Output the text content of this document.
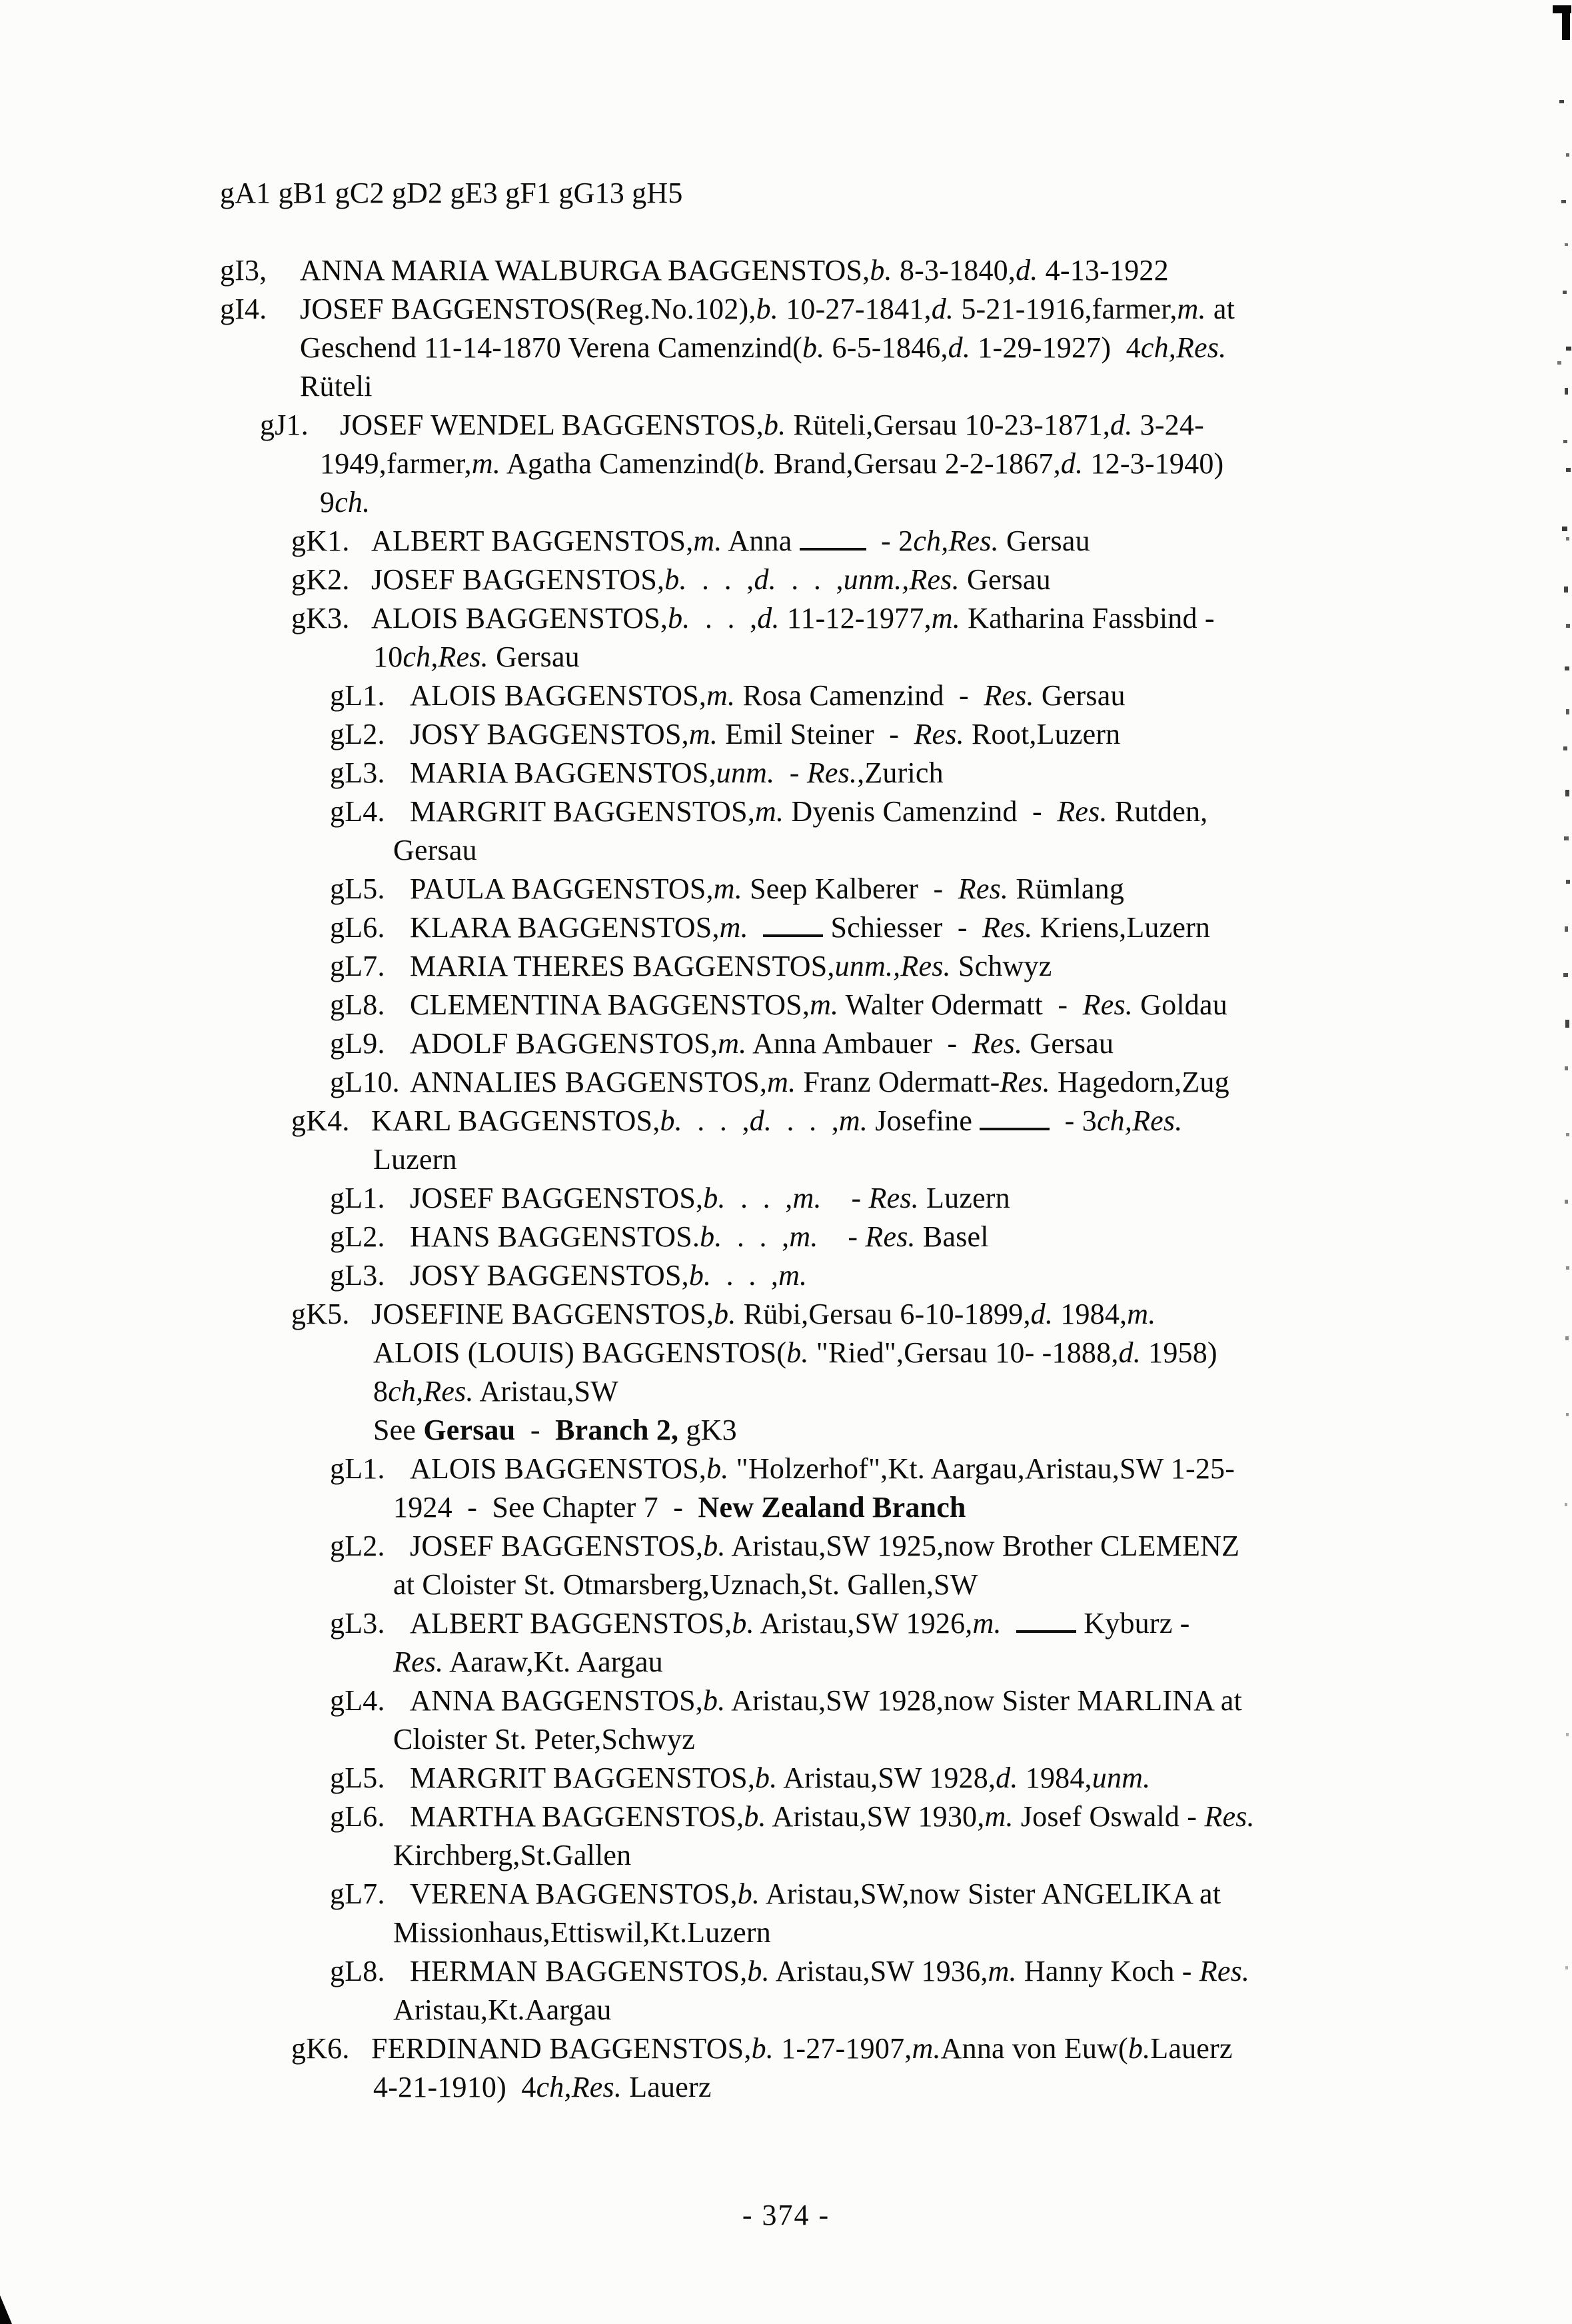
gA1 gB1 gC2 gD2 gE3 gF1 gG13 gH5
gI3, ANNA MARIA WALBURGA BAGGENSTOS,b. 8-3-1840,d. 4-13-1922
gI4. JOSEF BAGGENSTOS(Reg.No.102),b. 10-27-1841,d. 5-21-1916,farmer,m. at
Geschend 11-14-1870 Verena Camenzind(b. 6-5-1846,d. 1-29-1927)  4ch,Res.
Rüteli
gJ1. JOSEF WENDEL BAGGENSTOS,b. Rüteli,Gersau 10-23-1871,d. 3-24-
1949,farmer,m. Agatha Camenzind(b. Brand,Gersau 2-2-1867,d. 12-3-1940)
9ch.
gK1. ALBERT BAGGENSTOS,m. Anna   - 2ch,Res. Gersau
gK2. JOSEF BAGGENSTOS,b.  .  .  ,d.  .  .  ,unm.,Res. Gersau
gK3. ALOIS BAGGENSTOS,b.  .  .  ,d. 11-12-1977,m. Katharina Fassbind -
10ch,Res. Gersau
gL1. ALOIS BAGGENSTOS,m. Rosa Camenzind  -  Res. Gersau
gL2. JOSY BAGGENSTOS,m. Emil Steiner  -  Res. Root,Luzern
gL3. MARIA BAGGENSTOS,unm.  - Res.,Zurich
gL4. MARGRIT BAGGENSTOS,m. Dyenis Camenzind  -  Res. Rutden,
Gersau
gL5. PAULA BAGGENSTOS,m. Seep Kalberer  -  Res. Rümlang
gL6. KLARA BAGGENSTOS,m.	Schiesser  -  Res. Kriens,Luzern
gL7. MARIA THERES BAGGENSTOS,unm.,Res. Schwyz
gL8. CLEMENTINA BAGGENSTOS,m. Walter Odermatt  -  Res. Goldau
gL9. ADOLF BAGGENSTOS,m. Anna Ambauer  -  Res. Gersau
gL10. ANNALIES BAGGENSTOS,m. Franz Odermatt-Res. Hagedorn,Zug
gK4. KARL BAGGENSTOS,b.  .  .  ,d.  .  .  ,m. Josefine   - 3ch,Res.
Luzern
gL1. JOSEF BAGGENSTOS,b.  .  .  ,m.    - Res. Luzern
gL2. HANS BAGGENSTOS.b.  .  .  ,m.    - Res. Basel
gL3. JOSY BAGGENSTOS,b.  .  .  ,m.
gK5. JOSEFINE BAGGENSTOS,b. Rübi,Gersau 6-10-1899,d. 1984,m.
ALOIS (LOUIS) BAGGENSTOS(b. "Ried",Gersau 10- -1888,d. 1958)
8ch,Res. Aristau,SW
See Gersau  -  Branch 2, gK3
gL1. ALOIS BAGGENSTOS,b. "Holzerhof",Kt. Aargau,Aristau,SW 1-25-
1924  -  See Chapter 7  -  New Zealand Branch
gL2. JOSEF BAGGENSTOS,b. Aristau,SW 1925,now Brother CLEMENZ
at Cloister St. Otmarsberg,Uznach,St. Gallen,SW
gL3. ALBERT BAGGENSTOS,b. Aristau,SW 1926,m.	Kyburz -
Res. Aaraw,Kt. Aargau
gL4. ANNA BAGGENSTOS,b. Aristau,SW 1928,now Sister MARLINA at
Cloister St. Peter,Schwyz
gL5. MARGRIT BAGGENSTOS,b. Aristau,SW 1928,d. 1984,unm.
gL6. MARTHA BAGGENSTOS,b. Aristau,SW 1930,m. Josef Oswald - Res.
Kirchberg,St.Gallen
gL7. VERENA BAGGENSTOS,b. Aristau,SW,now Sister ANGELIKA at
Missionhaus,Ettiswil,Kt.Luzern
gL8. HERMAN BAGGENSTOS,b. Aristau,SW 1936,m. Hanny Koch - Res.
Aristau,Kt.Aargau
gK6. FERDINAND BAGGENSTOS,b. 1-27-1907,m.Anna von Euw(b.Lauerz
4-21-1910)  4ch,Res. Lauerz
- 374 -
